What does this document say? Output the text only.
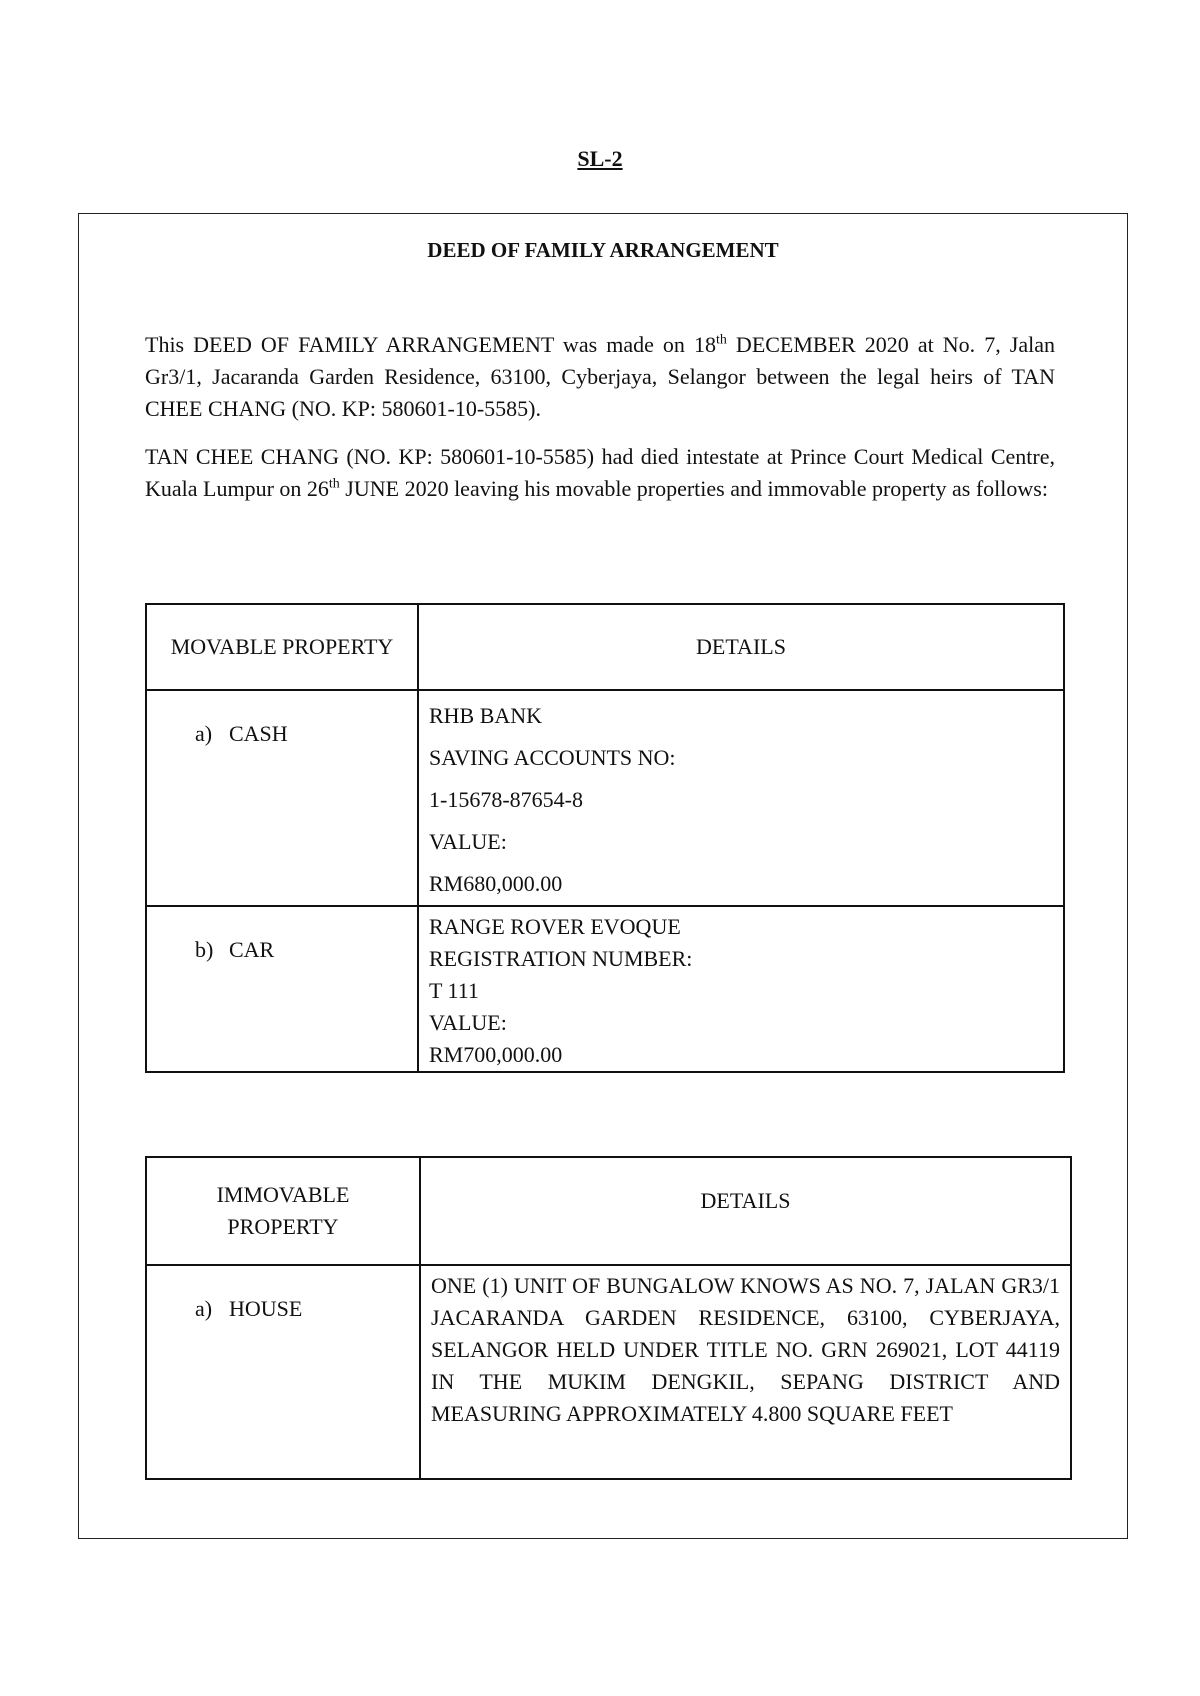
SL-2
DEED OF FAMILY ARRANGEMENT

This DEED OF FAMILY ARRANGEMENT was made on 18th DECEMBER 2020 at No. 7, Jalan Gr3/1, Jacaranda Garden Residence, 63100, Cyberjaya, Selangor between the legal heirs of TAN CHEE CHANG (NO. KP: 580601-10-5585).

TAN CHEE CHANG (NO. KP: 580601-10-5585) had died intestate at Prince Court Medical Centre, Kuala Lumpur on 26th JUNE 2020 leaving his movable properties and immovable property as follows:

MOVABLE PROPERTY	DETAILS
a) CASH	RHB BANK
SAVING ACCOUNTS NO:
1-15678-87654-8
VALUE:
RM680,000.00

b) CAR	RANGE ROVER EVOQUE
REGISTRATION NUMBER:
T 111
VALUE:
RM700,000.00
IMMOVABLE PROPERTY	DETAILS
a) HOUSE	ONE (1) UNIT OF BUNGALOW KNOWS AS NO. 7, JALAN GR3/1 JACARANDA GARDEN RESIDENCE, 63100, CYBERJAYA, SELANGOR HELD UNDER TITLE NO. GRN 269021, LOT 44119 IN THE MUKIM DENGKIL, SEPANG DISTRICT AND MEASURING APPROXIMATELY 4.800 SQUARE FEET
